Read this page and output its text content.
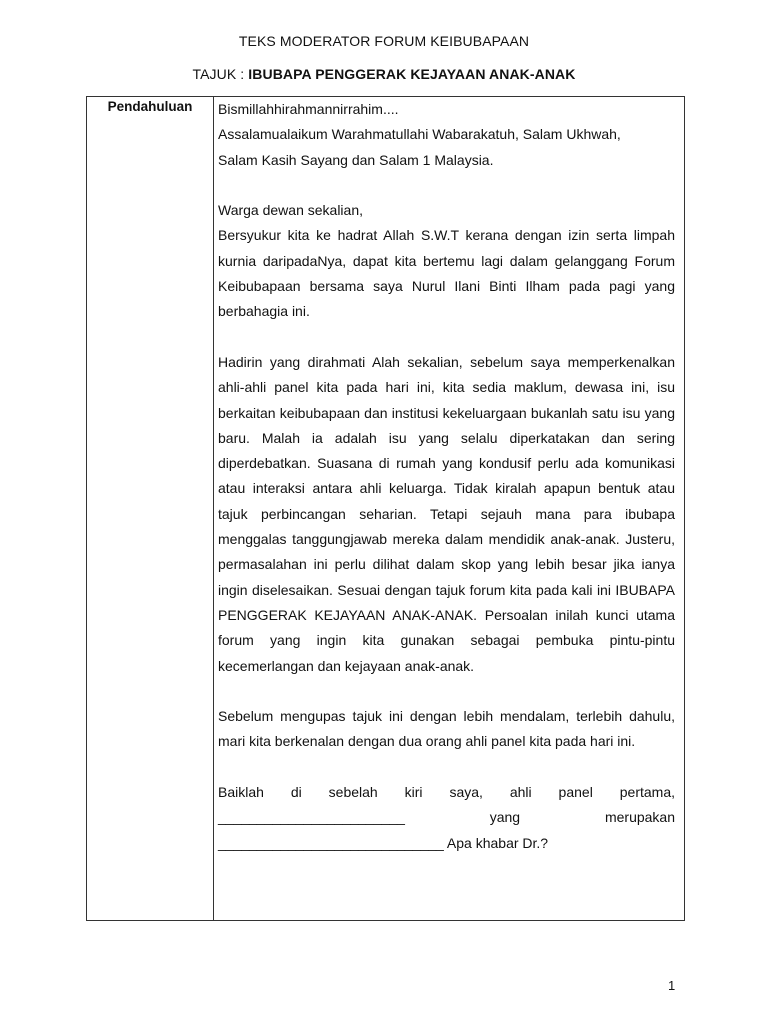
TEKS MODERATOR FORUM KEIBUBAPAAN
TAJUK : IBUBAPA PENGGERAK KEJAYAAN ANAK-ANAK
Pendahuluan	Bismillahhirahmannirrahim....
Assalamualaikum Warahmatullahi Wabarakatuh, Salam Ukhwah,
Salam Kasih Sayang dan Salam 1 Malaysia.
Warga dewan sekalian,
Bersyukur kita ke hadrat Allah S.W.T kerana dengan izin serta limpah kurnia daripadaNya, dapat kita bertemu lagi dalam gelanggang Forum Keibubapaan bersama saya Nurul Ilani Binti Ilham pada pagi yang berbahagia ini.
Hadirin yang dirahmati Alah sekalian, sebelum saya memperkenalkan ahli-ahli panel kita pada hari ini, kita sedia maklum, dewasa ini, isu berkaitan keibubapaan dan institusi kekeluargaan bukanlah satu isu yang baru. Malah ia adalah isu yang selalu diperkatakan dan sering diperdebatkan. Suasana di rumah yang kondusif perlu ada komunikasi atau interaksi antara ahli keluarga. Tidak kiralah apapun bentuk atau tajuk perbincangan seharian. Tetapi sejauh mana para ibubapa menggalas tanggungjawab mereka dalam mendidik anak-anak. Justeru, permasalahan ini perlu dilihat dalam skop yang lebih besar jika ianya ingin diselesaikan. Sesuai dengan tajuk forum kita pada kali ini IBUBAPA PENGGERAK KEJAYAAN ANAK-ANAK. Persoalan inilah kunci utama forum yang ingin kita gunakan sebagai pembuka pintu-pintu kecemerlangan dan kejayaan anak-anak.
Sebelum mengupas tajuk ini dengan lebih mendalam, terlebih dahulu, mari kita berkenalan dengan dua orang ahli panel kita pada hari ini.
Baiklah di sebelah kiri saya, ahli panel pertama,
________________________ yang merupakan
_____________________________ Apa khabar Dr.?
1
